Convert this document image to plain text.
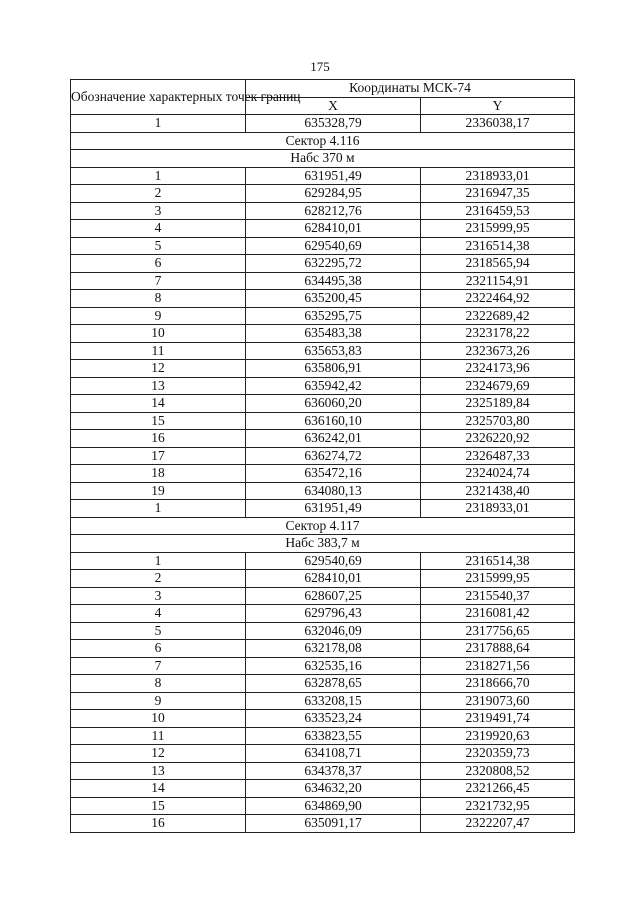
175
Обозначение характерных точек границ	Координаты МСК-74	
	X	Y
1	635328,79	2336038,17
Сектор 4.116		
Набс 370 м		
1	631951,49	2318933,01
2	629284,95	2316947,35
3	628212,76	2316459,53
4	628410,01	2315999,95
5	629540,69	2316514,38
6	632295,72	2318565,94
7	634495,38	2321154,91
8	635200,45	2322464,92
9	635295,75	2322689,42
10	635483,38	2323178,22
11	635653,83	2323673,26
12	635806,91	2324173,96
13	635942,42	2324679,69
14	636060,20	2325189,84
15	636160,10	2325703,80
16	636242,01	2326220,92
17	636274,72	2326487,33
18	635472,16	2324024,74
19	634080,13	2321438,40
1	631951,49	2318933,01
Сектор 4.117		
Набс 383,7 м		
1	629540,69	2316514,38
2	628410,01	2315999,95
3	628607,25	2315540,37
4	629796,43	2316081,42
5	632046,09	2317756,65
6	632178,08	2317888,64
7	632535,16	2318271,56
8	632878,65	2318666,70
9	633208,15	2319073,60
10	633523,24	2319491,74
11	633823,55	2319920,63
12	634108,71	2320359,73
13	634378,37	2320808,52
14	634632,20	2321266,45
15	634869,90	2321732,95
16	635091,17	2322207,47
